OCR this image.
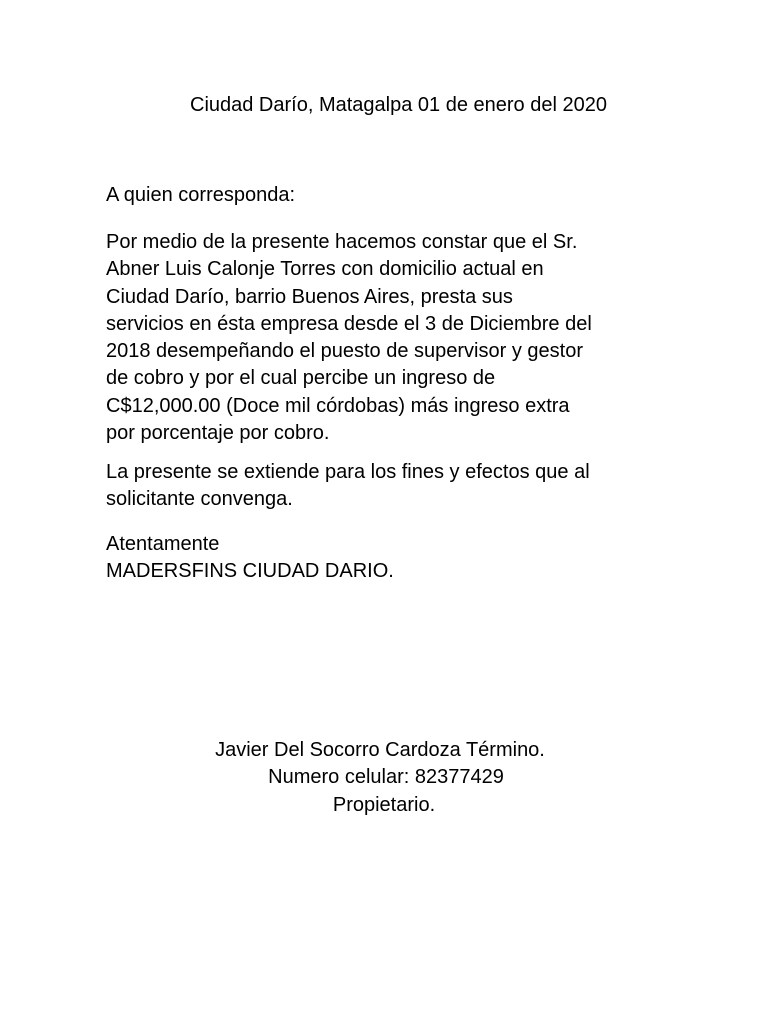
Ciudad Darío, Matagalpa 01 de enero del 2020
A quien corresponda:

Por medio de la presente hacemos constar que el Sr.
Abner Luis Calonje Torres con domicilio actual en
Ciudad Darío, barrio Buenos Aires, presta sus
servicios en ésta empresa desde el 3 de Diciembre del
2018 desempeñando el puesto de supervisor y gestor
de cobro y por el cual percibe un ingreso de
C$12,000.00 (Doce mil córdobas) más ingreso extra
por porcentaje por cobro.

La presente se extiende para los fines y efectos que al
solicitante convenga.

Atentamente
MADERSFINS CIUDAD DARIO.

Javier Del Socorro Cardoza Término.
Numero celular: 82377429
Propietario.
